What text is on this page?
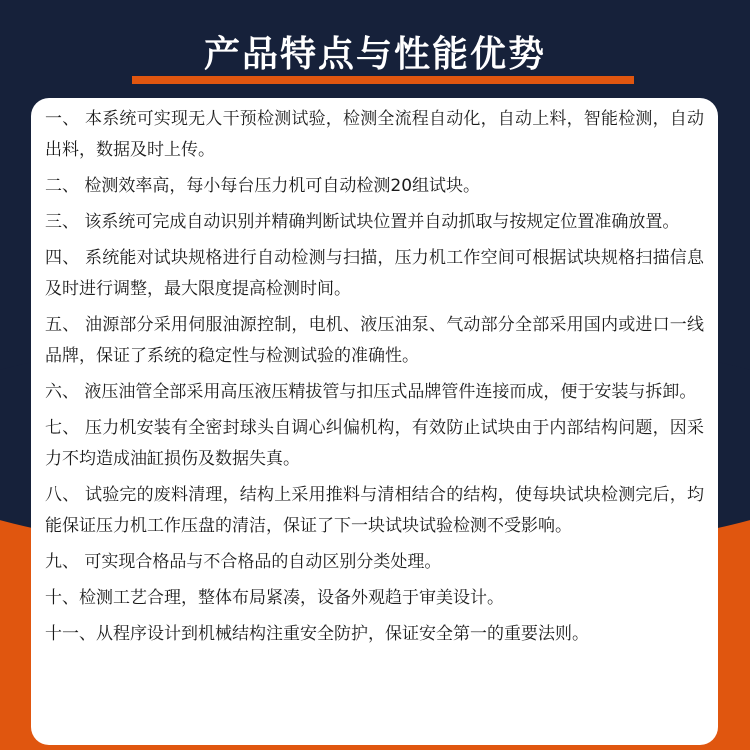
产品特点与性能优势

一、 本系统可实现无人干预检测试验，检测全流程自动化，自动上料，智能检测，自动出料，数据及时上传。

二、 检测效率高，每小每台压力机可自动检测20组试块。

三、 该系统可完成自动识别并精确判断试块位置并自动抓取与按规定位置准确放置。

四、 系统能对试块规格进行自动检测与扫描，压力机工作空间可根据试块规格扫描信息及时进行调整，最大限度提高检测时间。

五、 油源部分采用伺服油源控制，电机、液压油泵、气动部分全部采用国内或进口一线品牌，保证了系统的稳定性与检测试验的准确性。

六、 液压油管全部采用高压液压精拔管与扣压式品牌管件连接而成，便于安装与拆卸。

七、 压力机安装有全密封球头自调心纠偏机构，有效防止试块由于内部结构问题，因采力不均造成油缸损伤及数据失真。

八、 试验完的废料清理，结构上采用推料与清相结合的结构，使每块试块检测完后，均能保证压力机工作压盘的清洁，保证了下一块试块试验检测不受影响。

九、 可实现合格品与不合格品的自动区别分类处理。

十、检测工艺合理，整体布局紧凑，设备外观趋于审美设计。

十一、从程序设计到机械结构注重安全防护，保证安全第一的重要法则。
